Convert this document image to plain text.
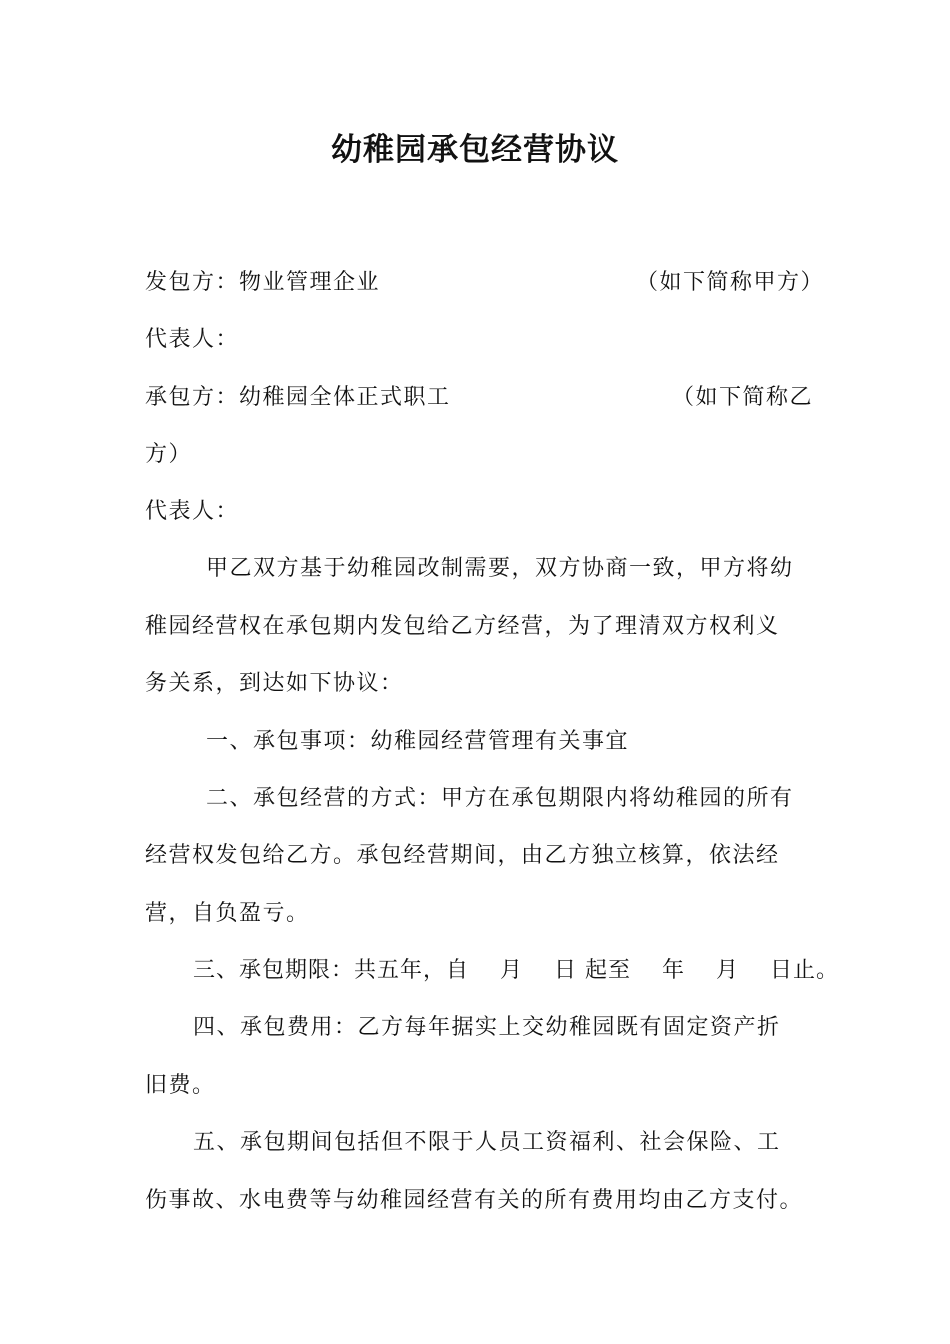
幼稚园承包经营协议
发包方：物业管理企业	（如下简称甲方）
代表人：
承包方：幼稚园全体正式职工	（如下简称乙
方）
代表人：
甲乙双方基于幼稚园改制需要，双方协商一致，甲方将幼
稚园经营权在承包期内发包给乙方经营，为了理清双方权利义
务关系，到达如下协议：
一、承包事项：幼稚园经营管理有关事宜
二、承包经营的方式：甲方在承包期限内将幼稚园的所有
经营权发包给乙方。承包经营期间，由乙方独立核算，依法经
营，自负盈亏。
三、承包期限：共五年，自　 月　 日 起至　 年　 月　 日止。
四、承包费用：乙方每年据实上交幼稚园既有固定资产折
旧费。
五、承包期间包括但不限于人员工资福利、社会保险、工
伤事故、水电费等与幼稚园经营有关的所有费用均由乙方支付。
